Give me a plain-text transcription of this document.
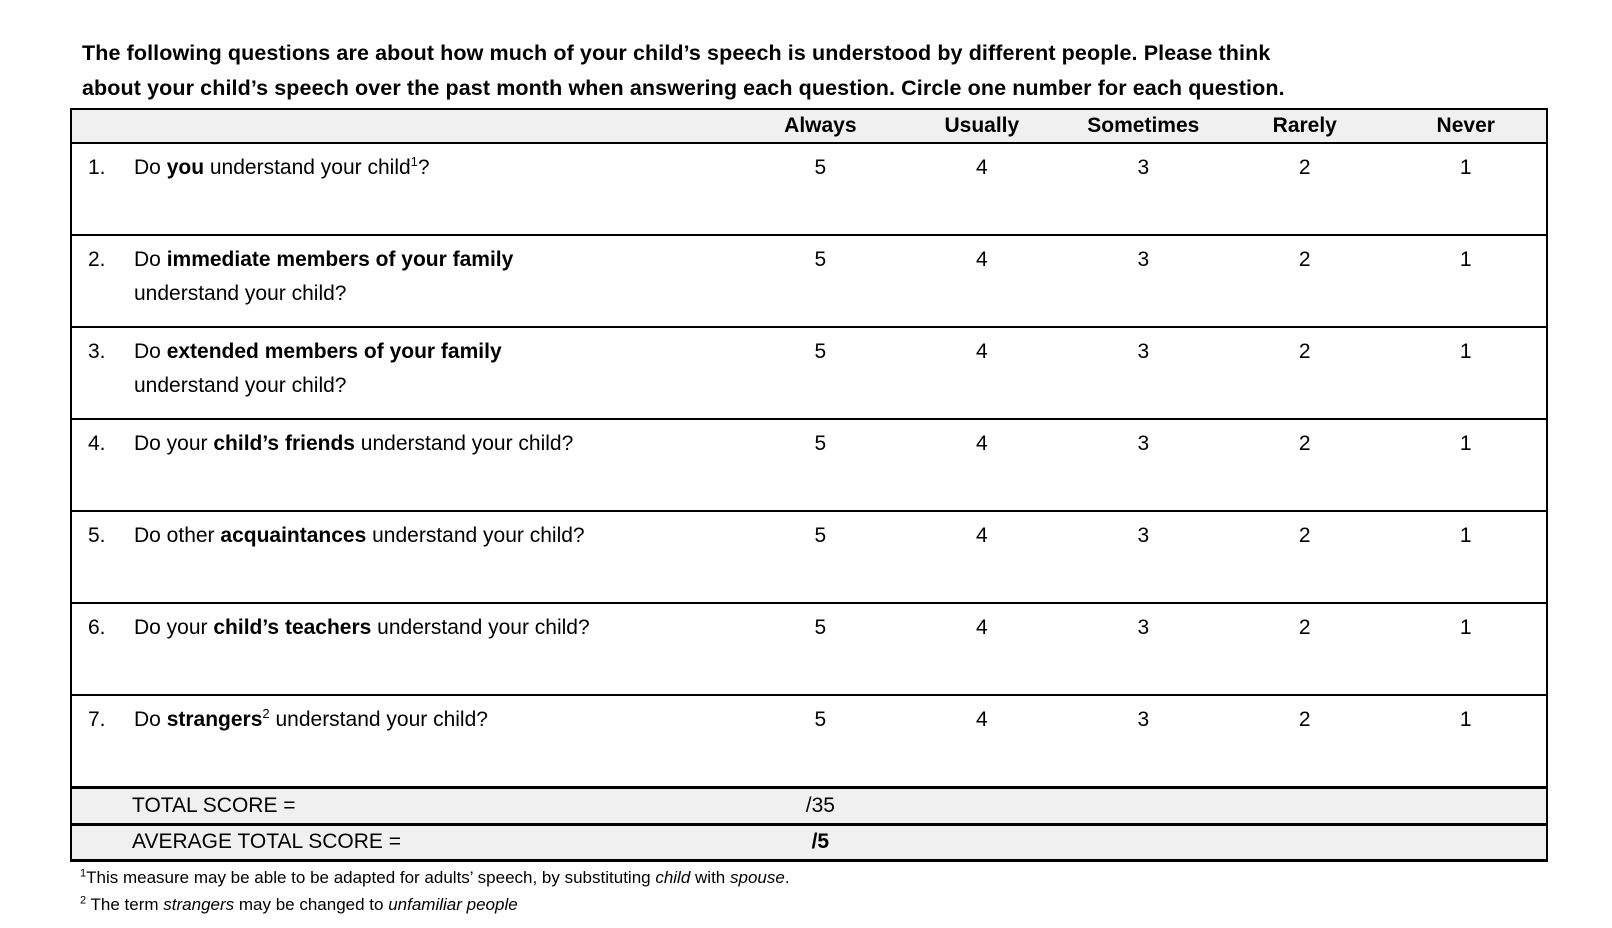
The following questions are about how much of your child’s speech is understood by different people. Please think
about your child’s speech over the past month when answering each question. Circle one number for each question.

	Always	Usually	Sometimes	Rarely	Never
1. Do you understand your child$^1$?	5	4	3	2	1
2. Do immediate members of your family
understand your child?	5	4	3	2	1
3. Do extended members of your family
understand your child?	5	4	3	2	1
4. Do your child’s friends understand your child?	5	4	3	2	1
5. Do other acquaintances understand your child?	5	4	3	2	1
6. Do your child’s teachers understand your child?	5	4	3	2	1
7. Do strangers$^2$ understand your child?	5	4	3	2	1
TOTAL SCORE =	/35				
AVERAGE TOTAL SCORE =	/5				

$^1$This measure may be able to be adapted for adults’ speech, by substituting child with spouse.

$^2$ The term strangers may be changed to unfamiliar people
